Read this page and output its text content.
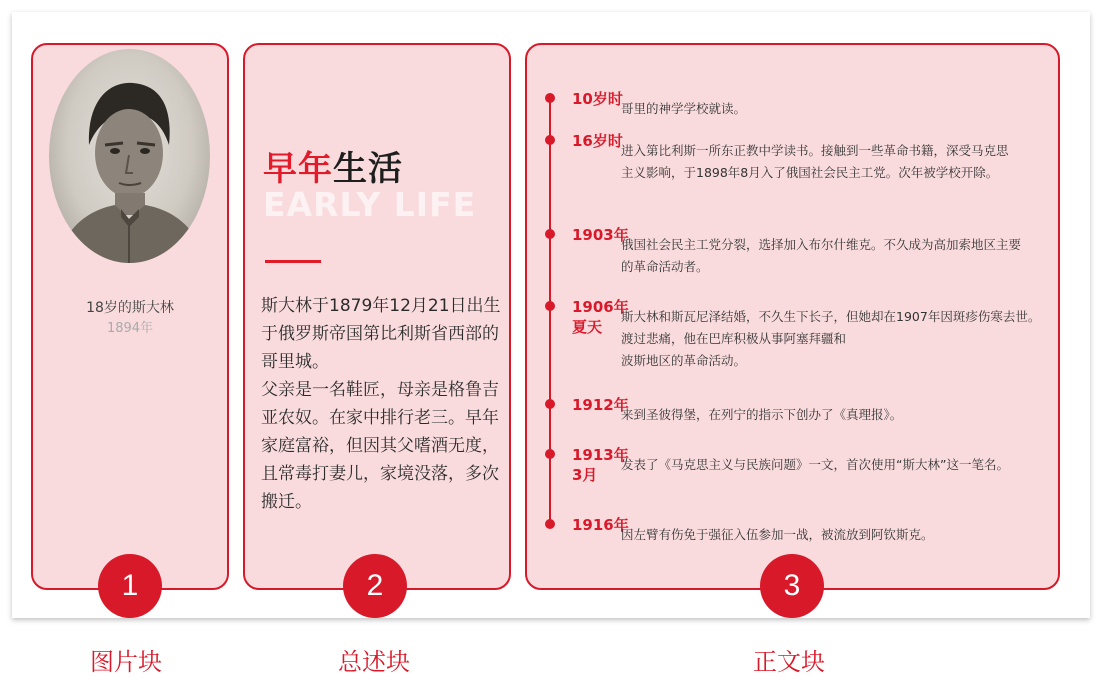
18岁的斯大林
1894年
早年生活
EARLY LIFE

斯大林于1879年12月21日出生于俄罗斯帝国第比利斯省西部的哥里城。

父亲是一名鞋匠，母亲是格鲁吉亚农奴。在家中排行老三。早年家庭富裕，但因其父嗜酒无度，且常毒打妻儿，家境没落，多次搬迁。

10岁时
哥里的神学学校就读。
16岁时
进入第比利斯一所东正教中学读书。接触到一些革命书籍，深受马克思
主义影响，于1898年8月入了俄国社会民主工党。次年被学校开除。
1903年
俄国社会民主工党分裂，选择加入布尔什维克。不久成为高加索地区主要
的革命活动者。
1906年
夏天
斯大林和斯瓦尼泽结婚，不久生下长子，但她却在1907年因斑疹伤寒去世。
渡过悲痛，他在巴库积极从事阿塞拜疆和
波斯地区的革命活动。
1912年
来到圣彼得堡，在列宁的指示下创办了《真理报》。
1913年
3月
发表了《马克思主义与民族问题》一文，首次使用“斯大林”这一笔名。
1916年
因左臂有伤免于强征入伍参加一战，被流放到阿钦斯克。
1	2	3
图片块	总述块	正文块
